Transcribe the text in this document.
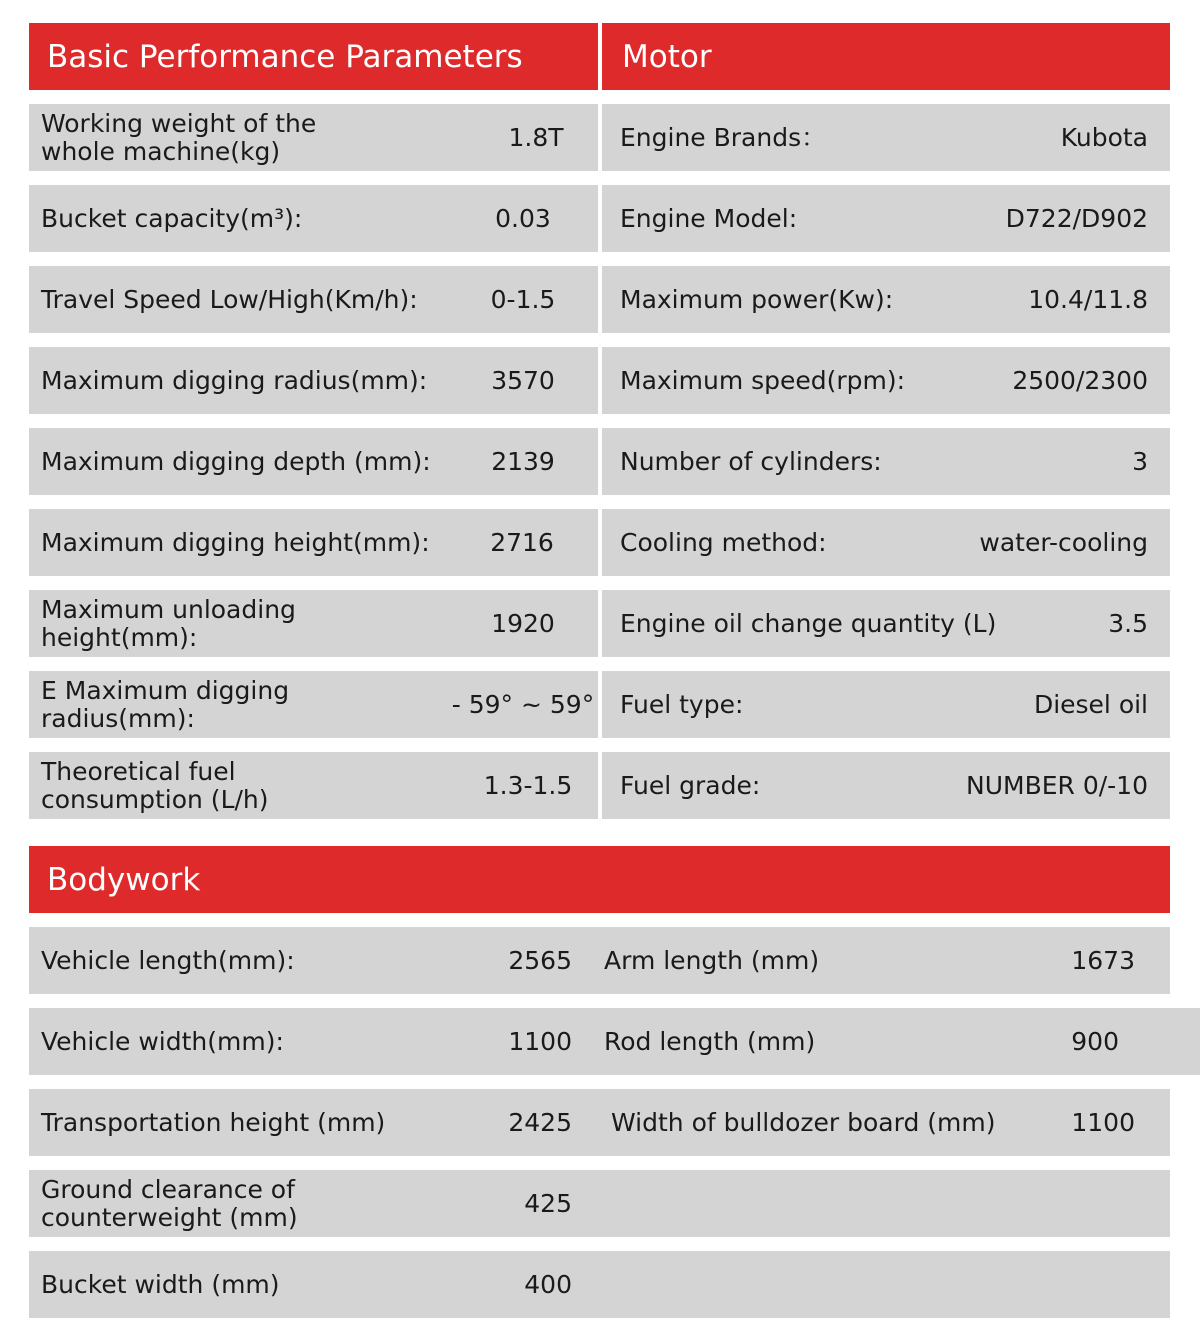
Basic Performance Parameters	Motor
Bodywork
Working weight of the
whole machine(kg)	1.8T
Bucket capacity(m³):	0.03
Travel Speed Low/High(Km/h):	0-1.5
Maximum digging radius(mm):	3570
Maximum digging depth (mm):	2139
Maximum digging height(mm):	2716
Maximum unloading
height(mm):	1920
E Maximum digging
radius(mm):	- 59° ~ 59°
Theoretical fuel
consumption (L/h)	1.3-1.5
Engine Brands：	Kubota
Engine Model:	D722/D902
Maximum power(Kw):	10.4/11.8
Maximum speed(rpm):	2500/2300
Number of cylinders:	3
Cooling method:	water-cooling
Engine oil change quantity (L)	3.5
Fuel type:	Diesel oil
Fuel grade:	NUMBER 0/-10
Vehicle length(mm):	2565 Arm length (mm)	1673
Vehicle width(mm):	1100 Rod length (mm)	900
Transportation height (mm)	2425 Width of bulldozer board (mm)	1100
Ground clearance of
counterweight (mm)	425
Bucket width (mm)	400
